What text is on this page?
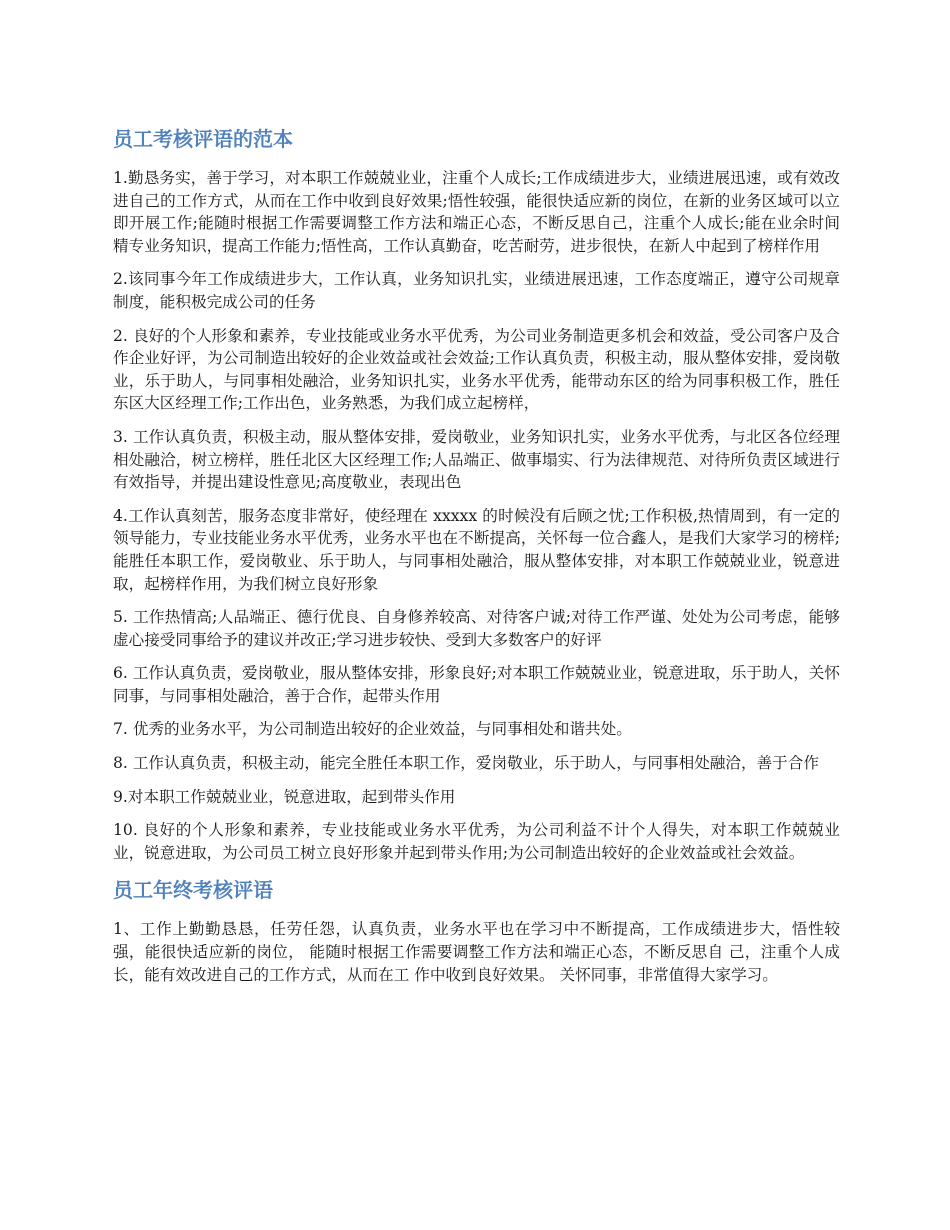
员工考核评语的范本

1.勤恳务实，善于学习，对本职工作兢兢业业，注重个人成长;工作成绩进步大，业绩进展迅速，或有效改进自己的工作方式，从而在工作中收到良好效果;悟性较强，能很快适应新的岗位，在新的业务区域可以立即开展工作;能随时根据工作需要调整工作方法和端正心态，不断反思自己，注重个人成长;能在业余时间精专业务知识，提高工作能力;悟性高，工作认真勤奋，吃苦耐劳，进步很快，在新人中起到了榜样作用

2.该同事今年工作成绩进步大，工作认真，业务知识扎实，业绩进展迅速，工作态度端正，遵守公司规章制度，能积极完成公司的任务

2. 良好的个人形象和素养，专业技能或业务水平优秀，为公司业务制造更多机会和效益，受公司客户及合作企业好评，为公司制造出较好的企业效益或社会效益;工作认真负责，积极主动，服从整体安排，爱岗敬业，乐于助人，与同事相处融洽，业务知识扎实，业务水平优秀，能带动东区的给为同事积极工作，胜任东区大区经理工作;工作出色，业务熟悉，为我们成立起榜样，

3. 工作认真负责，积极主动，服从整体安排，爱岗敬业，业务知识扎实，业务水平优秀，与北区各位经理相处融洽，树立榜样，胜任北区大区经理工作;人品端正、做事塌实、行为法律规范、对待所负责区域进行有效指导，并提出建设性意见;高度敬业，表现出色

4.工作认真刻苦，服务态度非常好，使经理在 xxxxx 的时候没有后顾之忧;工作积极,热情周到，有一定的领导能力，专业技能业务水平优秀，业务水平也在不断提高，关怀每一位合鑫人，是我们大家学习的榜样;能胜任本职工作，爱岗敬业、乐于助人，与同事相处融洽，服从整体安排，对本职工作兢兢业业，锐意进取，起榜样作用，为我们树立良好形象

5. 工作热情高;人品端正、德行优良、自身修养较高、对待客户诚;对待工作严谨、处处为公司考虑，能够虚心接受同事给予的建议并改正;学习进步较快、受到大多数客户的好评

6. 工作认真负责，爱岗敬业，服从整体安排，形象良好;对本职工作兢兢业业，锐意进取，乐于助人，关怀同事，与同事相处融洽，善于合作，起带头作用

7. 优秀的业务水平，为公司制造出较好的企业效益，与同事相处和谐共处。

8. 工作认真负责，积极主动，能完全胜任本职工作，爱岗敬业，乐于助人，与同事相处融洽，善于合作

9.对本职工作兢兢业业，锐意进取，起到带头作用

10. 良好的个人形象和素养，专业技能或业务水平优秀，为公司利益不计个人得失，对本职工作兢兢业业，锐意进取，为公司员工树立良好形象并起到带头作用;为公司制造出较好的企业效益或社会效益。

员工年终考核评语

1、工作上勤勤恳恳，任劳任怨，认真负责，业务水平也在学习中不断提高，工作成绩进步大，悟性较强，能很快适应新的岗位， 能随时根据工作需要调整工作方法和端正心态，不断反思自 己，注重个人成长，能有效改进自己的工作方式，从而在工 作中收到良好效果。 关怀同事，非常值得大家学习。
